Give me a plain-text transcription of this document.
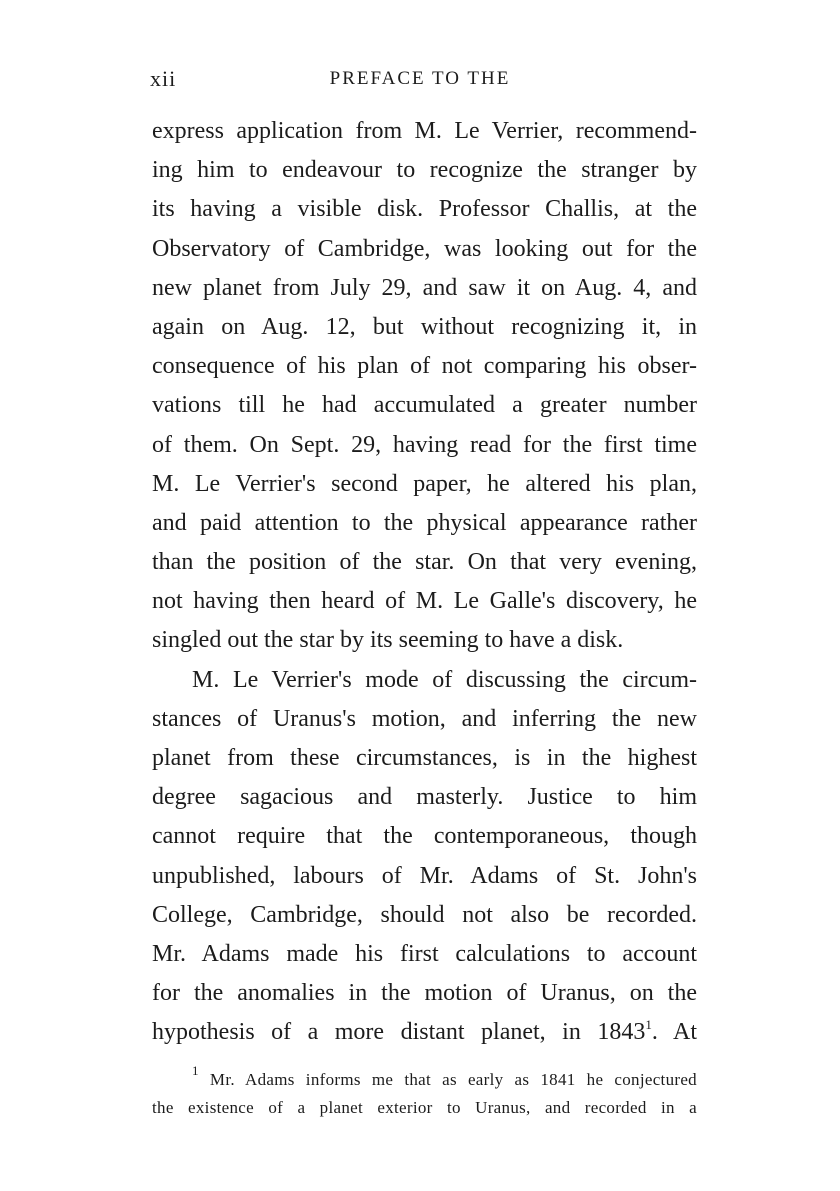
xii	PREFACE TO THE
express application from M. Le Verrier, recommend-
ing him to endeavour to recognize the stranger by
its having a visible disk. Professor Challis, at the
Observatory of Cambridge, was looking out for the
new planet from July 29, and saw it on Aug. 4, and
again on Aug. 12, but without recognizing it, in
consequence of his plan of not comparing his obser-
vations till he had accumulated a greater number
of them. On Sept. 29, having read for the first time
M. Le Verrier's second paper, he altered his plan,
and paid attention to the physical appearance rather
than the position of the star. On that very evening,
not having then heard of M. Le Galle's discovery, he
singled out the star by its seeming to have a disk.
M. Le Verrier's mode of discussing the circum-
stances of Uranus's motion, and inferring the new
planet from these circumstances, is in the highest
degree sagacious and masterly. Justice to him
cannot require that the contemporaneous, though
unpublished, labours of Mr. Adams of St. John's
College, Cambridge, should not also be recorded.
Mr. Adams made his first calculations to account
for the anomalies in the motion of Uranus, on the
hypothesis of a more distant planet, in 1843$^1$. At
$^1$ Mr. Adams informs me that as early as 1841 he conjectured
the existence of a planet exterior to Uranus, and recorded in a
